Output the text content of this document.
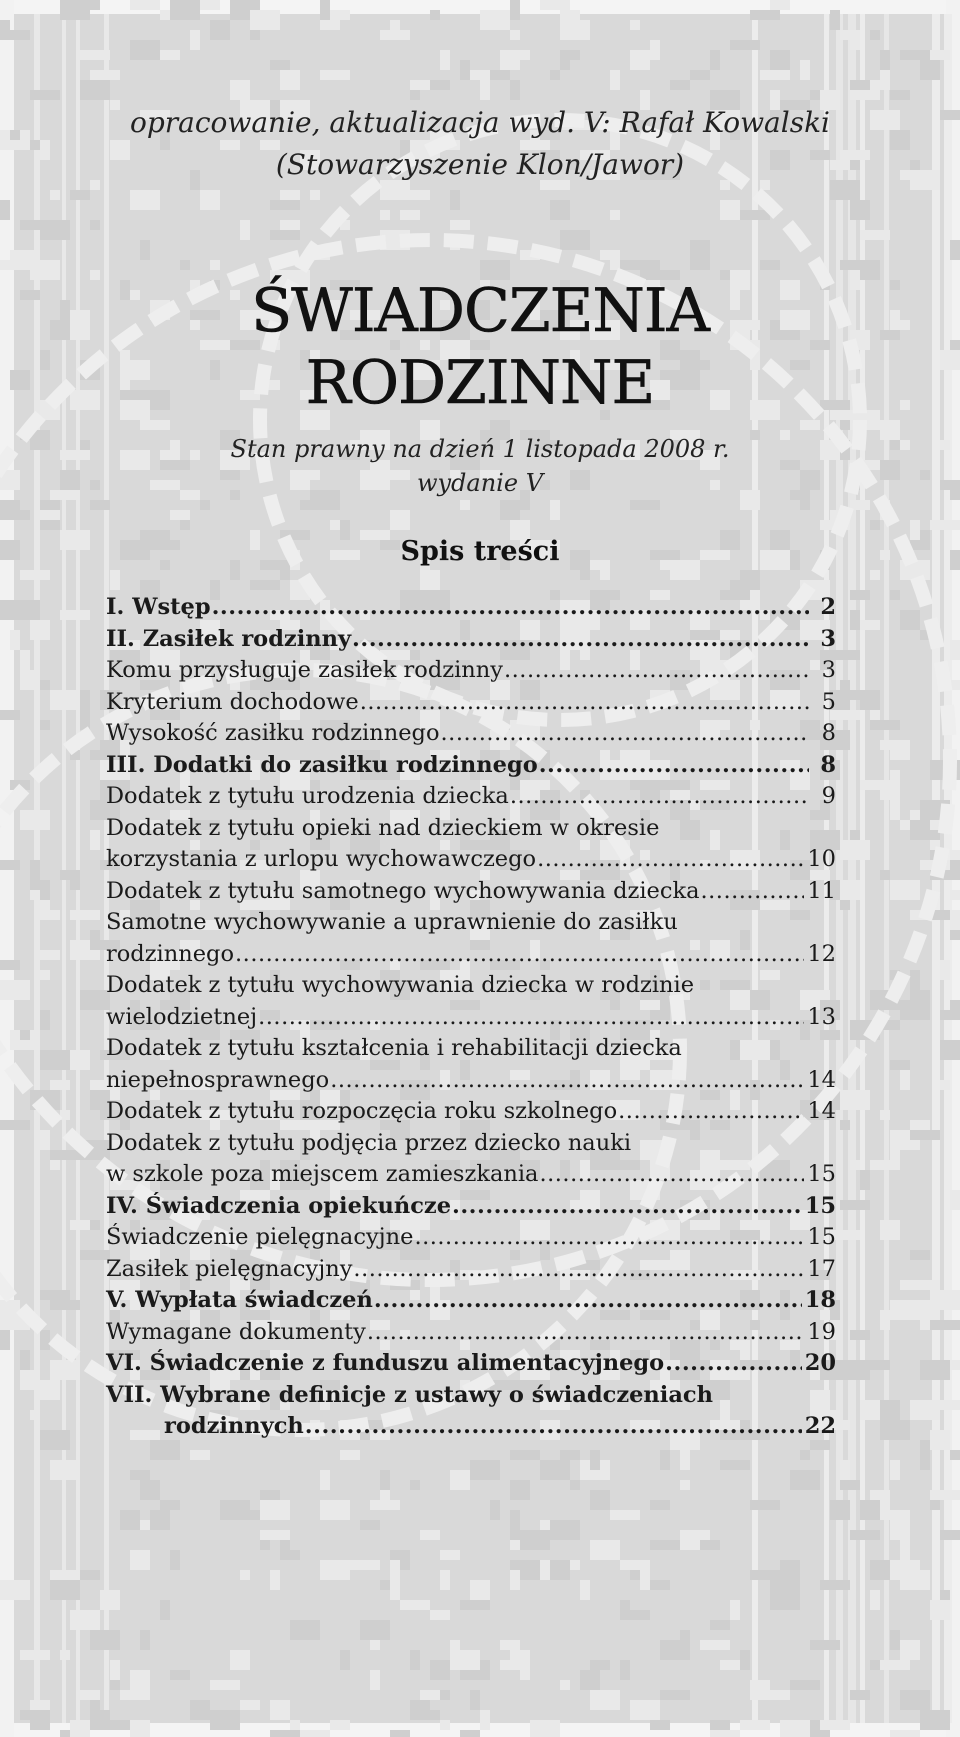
opracowanie, aktualizacja wyd. V: Rafał Kowalski
(Stowarzyszenie Klon/Jawor)
ŚWIADCZENIA
RODZINNE
Stan prawny na dzień 1 listopada 2008 r.
wydanie V
Spis treści
I. Wstęp .....	2
II. Zasiłek rodzinny .....	3
Komu przysługuje zasiłek rodzinny .....	3
Kryterium dochodowe .....	5
Wysokość zasiłku rodzinnego .....	8
III. Dodatki do zasiłku rodzinnego .....	8
Dodatek z tytułu urodzenia dziecka .....	9
Dodatek z tytułu opieki nad dzieckiem w okresie
korzystania z urlopu wychowawczego .....	10
Dodatek z tytułu samotnego wychowywania dziecka .....	11
Samotne wychowywanie a uprawnienie do zasiłku
rodzinnego .....	12
Dodatek z tytułu wychowywania dziecka w rodzinie
wielodzietnej .....	13
Dodatek z tytułu kształcenia i rehabilitacji dziecka
niepełnosprawnego .....	14
Dodatek z tytułu rozpoczęcia roku szkolnego .....	14
Dodatek z tytułu podjęcia przez dziecko nauki
w szkole poza miejscem zamieszkania .....	15
IV. Świadczenia opiekuńcze .....	15
Świadczenie pielęgnacyjne .....	15
Zasiłek pielęgnacyjny .....	17
V. Wypłata świadczeń .....	18
Wymagane dokumenty .....	19
VI. Świadczenie z funduszu alimentacyjnego .....	20
VII. Wybrane definicje z ustawy o świadczeniach
rodzinnych .....	22
